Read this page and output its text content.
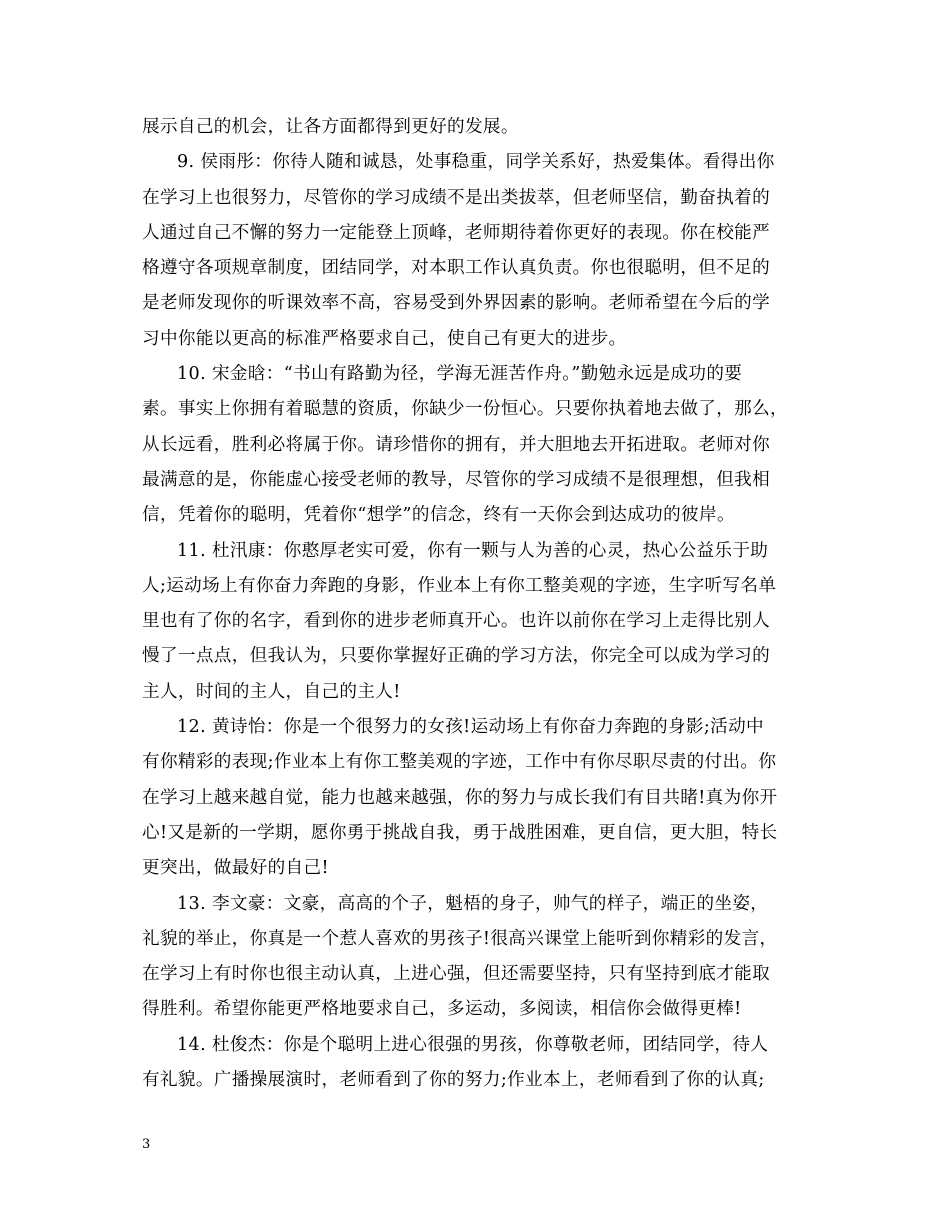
展示自己的机会，让各方面都得到更好的发展。
9. 侯雨彤：你待人随和诚恳，处事稳重，同学关系好，热爱集体。看得出你
在学习上也很努力，尽管你的学习成绩不是出类拔萃，但老师坚信，勤奋执着的
人通过自己不懈的努力一定能登上顶峰，老师期待着你更好的表现。你在校能严
格遵守各项规章制度，团结同学，对本职工作认真负责。你也很聪明，但不足的
是老师发现你的听课效率不高，容易受到外界因素的影响。老师希望在今后的学
习中你能以更高的标准严格要求自己，使自己有更大的进步。
10. 宋金晗：“书山有路勤为径，学海无涯苦作舟。”勤勉永远是成功的要
素。事实上你拥有着聪慧的资质，你缺少一份恒心。只要你执着地去做了，那么，
从长远看，胜利必将属于你。请珍惜你的拥有，并大胆地去开拓进取。老师对你
最满意的是，你能虚心接受老师的教导，尽管你的学习成绩不是很理想，但我相
信，凭着你的聪明，凭着你“想学”的信念，终有一天你会到达成功的彼岸。
11. 杜汛康：你憨厚老实可爱，你有一颗与人为善的心灵，热心公益乐于助
人;运动场上有你奋力奔跑的身影，作业本上有你工整美观的字迹，生字听写名单
里也有了你的名字，看到你的进步老师真开心。也许以前你在学习上走得比别人
慢了一点点，但我认为，只要你掌握好正确的学习方法，你完全可以成为学习的
主人，时间的主人，自己的主人!
12. 黄诗怡：你是一个很努力的女孩!运动场上有你奋力奔跑的身影;活动中
有你精彩的表现;作业本上有你工整美观的字迹，工作中有你尽职尽责的付出。你
在学习上越来越自觉，能力也越来越强，你的努力与成长我们有目共睹!真为你开
心!又是新的一学期，愿你勇于挑战自我，勇于战胜困难，更自信，更大胆，特长
更突出，做最好的自己!
13. 李文豪：文豪，高高的个子，魁梧的身子，帅气的样子，端正的坐姿，
礼貌的举止，你真是一个惹人喜欢的男孩子!很高兴课堂上能听到你精彩的发言，
在学习上有时你也很主动认真，上进心强，但还需要坚持，只有坚持到底才能取
得胜利。希望你能更严格地要求自己，多运动，多阅读，相信你会做得更棒!
14. 杜俊杰：你是个聪明上进心很强的男孩，你尊敬老师，团结同学，待人
有礼貌。广播操展演时，老师看到了你的努力;作业本上，老师看到了你的认真;
3
